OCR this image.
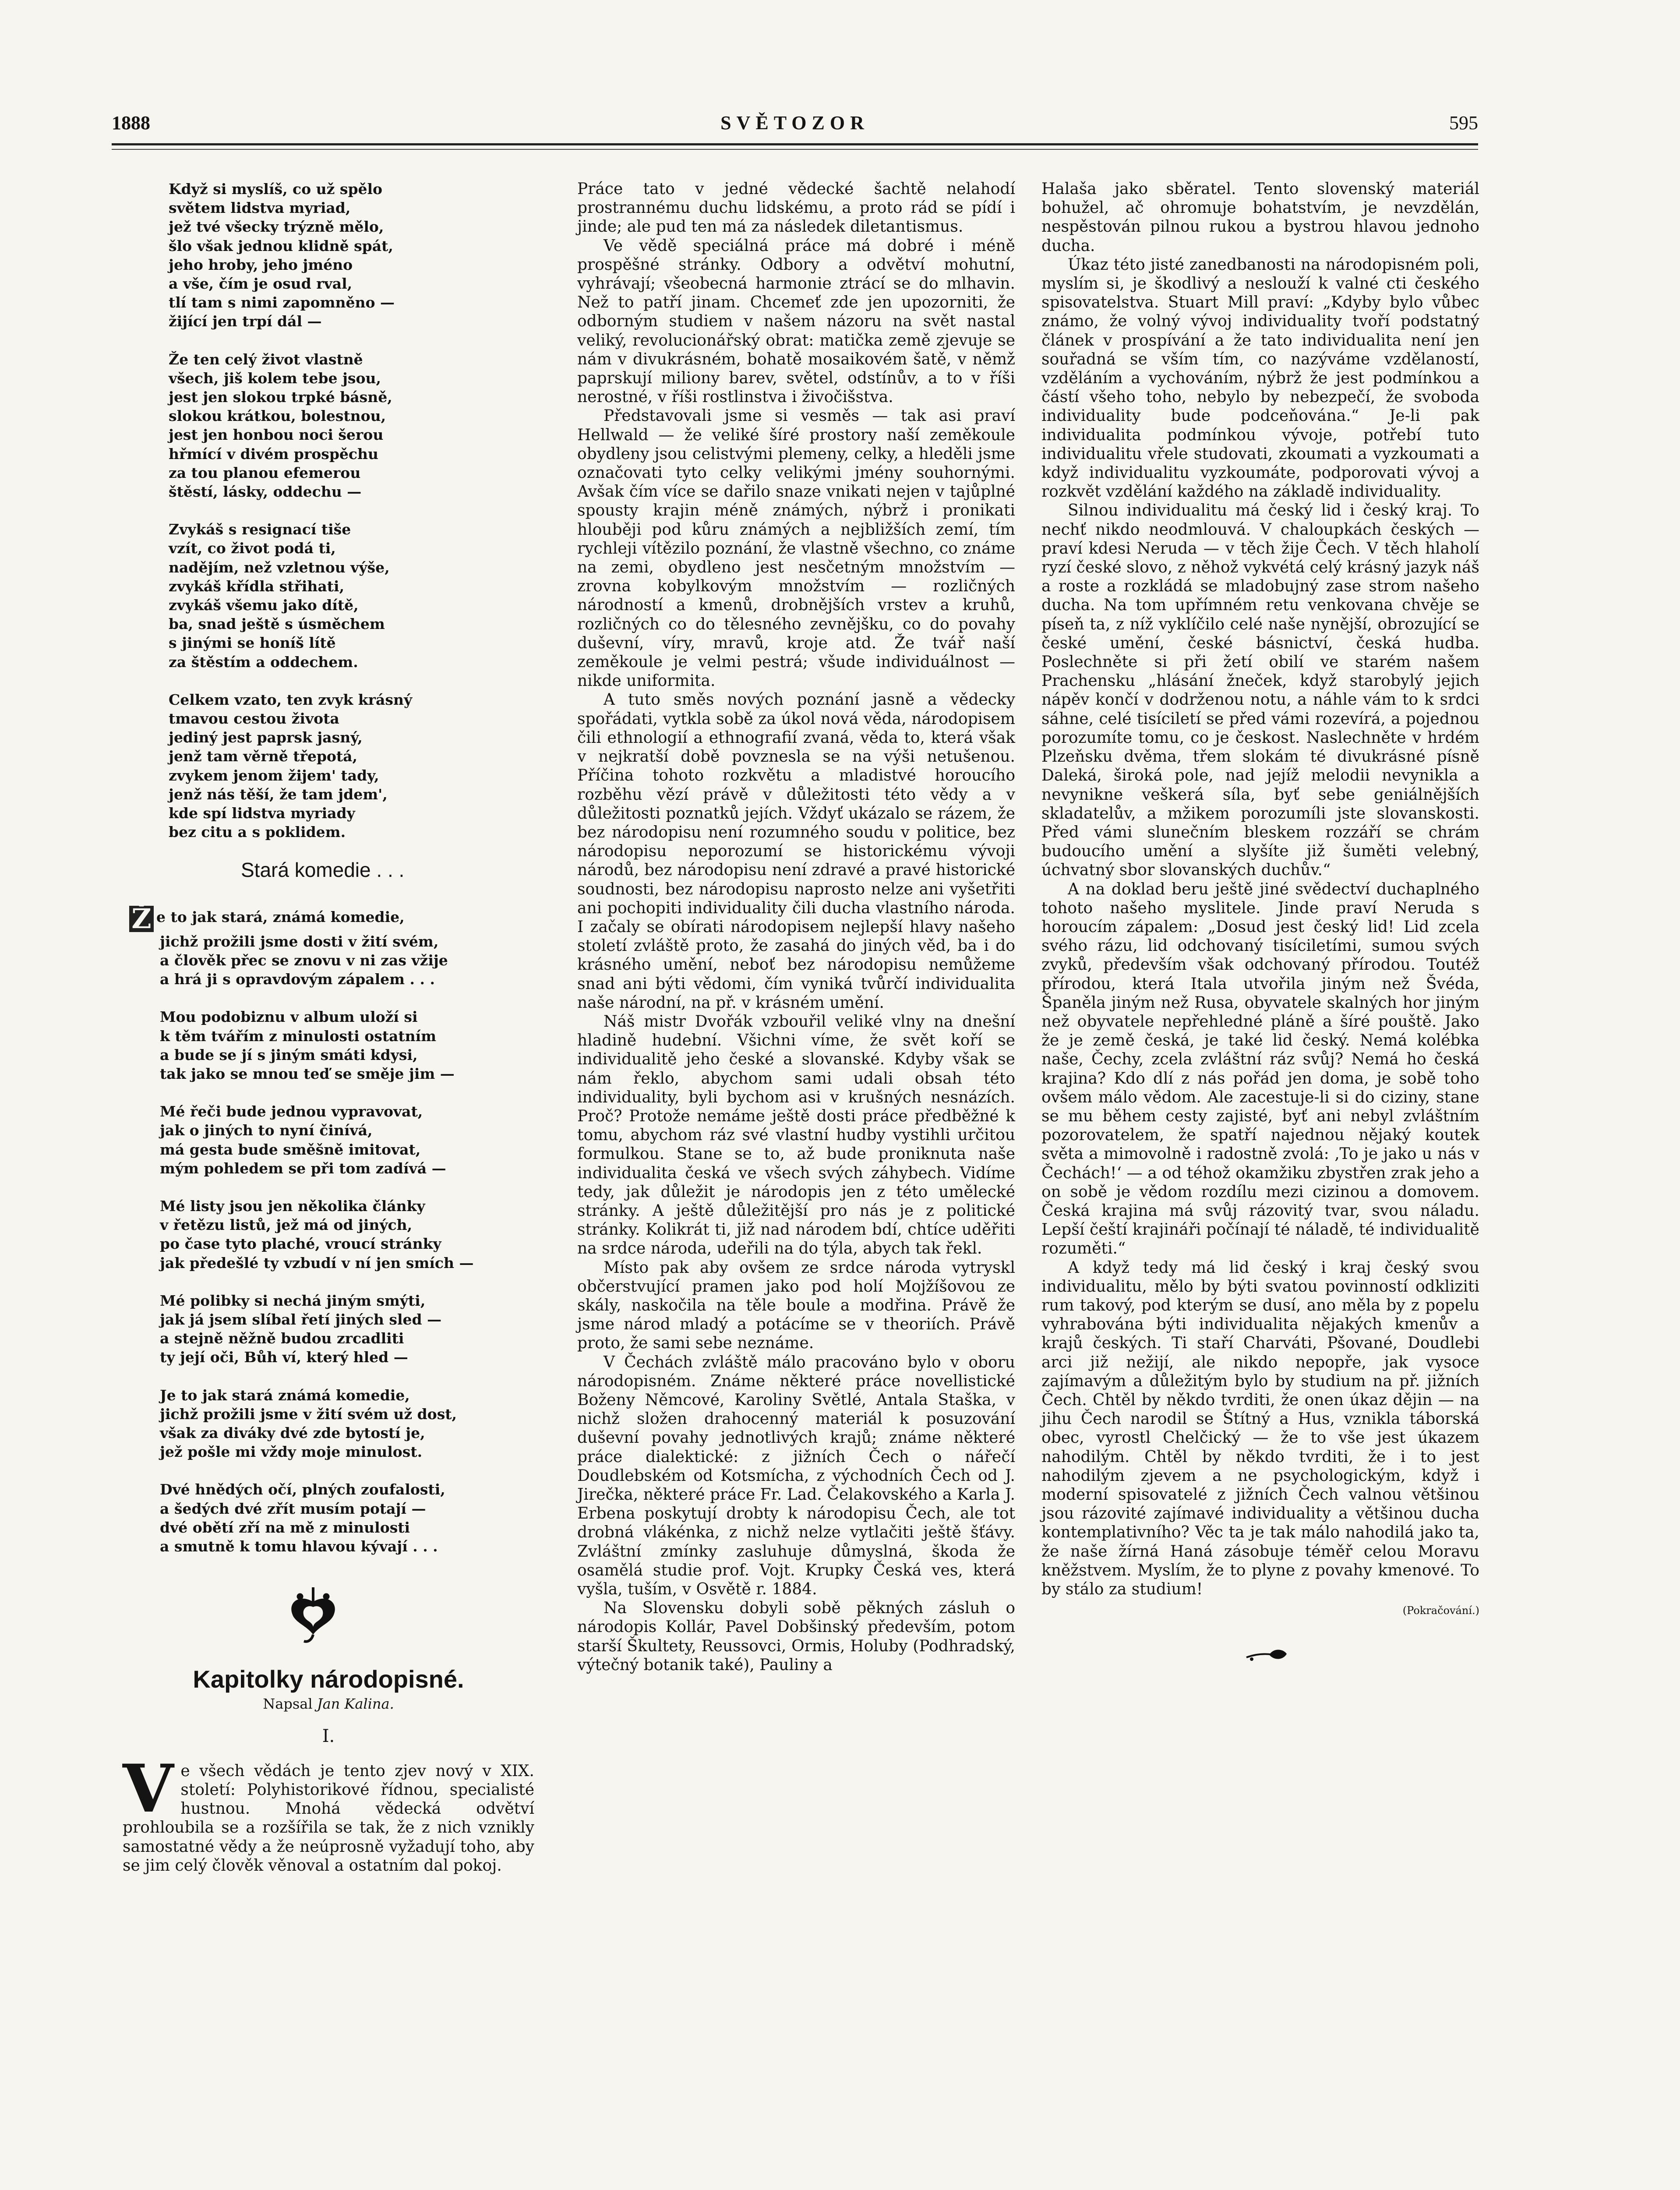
1888	SVĚTOZOR	595
Když si myslíš, co už spělo
světem lidstva myriad,
jež tvé všecky trýzně mělo,
šlo však jednou klidně spát,
jeho hroby, jeho jméno
a vše, čím je osud rval,
tlí tam s nimi zapomněno —
žijící jen trpí dál —
Že ten celý život vlastně
všech, jiš kolem tebe jsou,
jest jen slokou trpké básně,
slokou krátkou, bolestnou,
jest jen honbou noci šerou
hřmící v divém prospěchu
za tou planou efemerou
štěstí, lásky, oddechu —
Zvykáš s resignací tiše
vzít, co život podá ti,
nadějím, než vzletnou výše,
zvykáš křídla střihati,
zvykáš všemu jako dítě,
ba, snad ještě s úsměchem
s jinými se honíš lítě
za štěstím a oddechem.
Celkem vzato, ten zvyk krásný
tmavou cestou života
jediný jest paprsk jasný,
jenž tam věrně třepotá,
zvykem jenom žijem' tady,
jenž nás těší, že tam jdem',
kde spí lidstva myriady
bez citu a s poklidem.
Stará komedie . . .
Ž e to jak stará, známá komedie,
jichž prožili jsme dosti v žití svém,
a člověk přec se znovu v ni zas vžije
a hrá ji s opravdovým zápalem . . .
Mou podobiznu v album uloží si
k těm tvářím z minulosti ostatním
a bude se jí s jiným smáti kdysi,
tak jako se mnou teď se směje jim —
Mé řeči bude jednou vypravovat,
jak o jiných to nyní činívá,
má gesta bude směšně imitovat,
mým pohledem se při tom zadívá —
Mé listy jsou jen několika články
v řetězu listů, jež má od jiných,
po čase tyto plaché, vroucí stránky
jak předešlé ty vzbudí v ní jen smích —
Mé polibky si nechá jiným smýti,
jak já jsem slíbal řetí jiných sled —
a stejně něžně budou zrcadliti
ty její oči, Bůh ví, který hled —
Je to jak stará známá komedie,
jichž prožili jsme v žití svém už dost,
však za diváky dvé zde bytostí je,
jež pošle mi vždy moje minulost.
Dvé hnědých očí, plných zoufalosti,
a šedých dvé zřít musím potají —
dvé obětí zří na mě z minulosti
a smutně k tomu hlavou kývají . . .
Kapitolky národopisné.
Napsal Jan Kalina.
I.
V e všech vědách je tento zjev nový v XIX. století: Polyhistorikové řídnou, specialisté hustnou. Mnohá vědecká odvětví prohloubila se a rozšířila se tak, že z nich vznikly samostatné vědy a že neúprosně vyžadují toho, aby se jim celý člověk věnoval a ostatním dal pokoj.

Práce tato v jedné vědecké šachtě nelahodí prostrannému duchu lidskému, a proto rád se pídí i jinde; ale pud ten má za následek diletantismus.

Ve vědě speciálná práce má dobré i méně prospěšné stránky. Odbory a odvětví mohutní, vyhrávají; všeobecná harmonie ztrácí se do mlhavin. Než to patří jinam. Chcemeť zde jen upozorniti, že odborným studiem v našem názoru na svět nastal veliký, revolucionářský obrat: matička země zjevuje se nám v divukrásném, bohatě mosaikovém šatě, v němž paprskují miliony barev, světel, odstínův, a to v říši nerostné, v říši rostlinstva i živočišstva.

Představovali jsme si vesměs — tak asi praví Hellwald — že veliké šíré prostory naší zeměkoule obydleny jsou celistvými plemeny, celky, a hleděli jsme označovati tyto celky velikými jmény souhornými. Avšak čím více se dařilo snaze vnikati nejen v tajůplné spousty krajin méně známých, nýbrž i pronikati hlouběji pod kůru známých a nejbližších zemí, tím rychleji vítězilo poznání, že vlastně všechno, co známe na zemi, obydleno jest nesčetným množstvím — zrovna kobylkovým množstvím — rozličných národností a kmenů, drobnějších vrstev a kruhů, rozličných co do tělesného zevnějšku, co do povahy duševní, víry, mravů, kroje atd. Že tvář naší zeměkoule je velmi pestrá; všude individuálnost — nikde uniformita.

A tuto směs nových poznání jasně a vědecky spořádati, vytkla sobě za úkol nová věda, národopisem čili ethnologií a ethnografií zvaná, věda to, která však v nejkratší době povznesla se na výši netušenou. Příčina tohoto rozkvětu a mladistvé horoucího rozběhu vězí právě v důležitosti této vědy a v důležitosti poznatků jejích. Vždyť ukázalo se rázem, že bez národopisu není rozumného soudu v politice, bez národopisu neporozumí se historickému vývoji národů, bez národopisu není zdravé a pravé historické soudnosti, bez národopisu naprosto nelze ani vyšetřiti ani pochopiti individuality čili ducha vlastního národa. I začaly se obírati národopisem nejlepší hlavy našeho století zvláště proto, že zasahá do jiných věd, ba i do krásného umění, neboť bez národopisu nemůžeme snad ani býti vědomi, čím vyniká tvůrčí individualita naše národní, na př. v krásném umění.

Náš mistr Dvořák vzbouřil veliké vlny na dnešní hladině hudební. Všichni víme, že svět koří se individualitě jeho české a slovanské. Kdyby však se nám řeklo, abychom sami udali obsah této individuality, byli bychom asi v krušných nesnázích. Proč? Protože nemáme ještě dosti práce předběžné k tomu, abychom ráz své vlastní hudby vystihli určitou formulkou. Stane se to, až bude proniknuta naše individualita česká ve všech svých záhybech. Vidíme tedy, jak důležit je národopis jen z této umělecké stránky. A ještě důležitější pro nás je z politické stránky. Kolikrát ti, již nad národem bdí, chtíce uděřiti na srdce národa, udeřili na do týla, abych tak řekl.

Místo pak aby ovšem ze srdce národa vytryskl občerstvující pramen jako pod holí Mojžíšovou ze skály, naskočila na těle boule a modřina. Právě že jsme národ mladý a potácíme se v theoriích. Právě proto, že sami sebe neznáme.

V Čechách zvláště málo pracováno bylo v oboru národopisném. Známe některé práce novellistické Boženy Němcové, Karoliny Světlé, Antala Staška, v nichž složen drahocenný materiál k posuzování duševní povahy jednotlivých krajů; známe některé práce dialektické: z jižních Čech o nářečí Doudlebském od Kotsmícha, z východních Čech od J. Jirečka, některé práce Fr. Lad. Čelakovského a Karla J. Erbena poskytují drobty k národopisu Čech, ale tot drobná vlákénka, z nichž nelze vytlačiti ještě šťávy. Zvláštní zmínky zasluhuje důmyslná, škoda že osamělá studie prof. Vojt. Krupky Česká ves, která vyšla, tuším, v Osvětě r. 1884.

Na Slovensku dobyli sobě pěkných zásluh o národopis Kollár, Pavel Dobšinský především, potom starší Škultety, Reussovci, Ormis, Holuby (Podhradský, výtečný botanik také), Pauliny a

Halaša jako sběratel. Tento slovenský materiál bohužel, ač ohromuje bohatstvím, je nevzdělán, nespěstován pilnou rukou a bystrou hlavou jednoho ducha.

Úkaz této jisté zanedbanosti na národopisném poli, myslím si, je škodlivý a neslouží k valné cti českého spisovatelstva. Stuart Mill praví: „Kdyby bylo vůbec známo, že volný vývoj individuality tvoří podstatný článek v prospívání a že tato individualita není jen souřadná se vším tím, co nazýváme vzdělaností, vzděláním a vychováním, nýbrž že jest podmínkou a částí všeho toho, nebylo by nebezpečí, že svoboda individuality bude podceňována.“ Je-li pak individualita podmínkou vývoje, potřebí tuto individualitu vřele studovati, zkoumati a vyzkoumati a když individualitu vyzkoumáte, podporovati vývoj a rozkvět vzdělání každého na základě individuality.

Silnou individualitu má český lid i český kraj. To nechť nikdo neodmlouvá. V chaloupkách českých — praví kdesi Neruda — v těch žije Čech. V těch hlaholí ryzí české slovo, z něhož vykvétá celý krásný jazyk náš a roste a rozkládá se mladobujný zase strom našeho ducha. Na tom upřímném retu venkovana chvěje se píseň ta, z níž vyklíčilo celé naše nynější, obrozující se české umění, české básnictví, česká hudba. Poslechněte si při žetí obilí ve starém našem Prachensku „hlásání žneček, když starobylý jejich nápěv končí v dodrženou notu, a náhle vám to k srdci sáhne, celé tisíciletí se před vámi rozevírá, a pojednou porozumíte tomu, co je českost. Naslechněte v hrdém Plzeňsku dvěma, třem slokám té divukrásné písně Daleká, široká pole, nad jejíž melodii nevynikla a nevynikne veškerá síla, byť sebe geniálnějších skladatelův, a mžikem porozumíli jste slovanskosti. Před vámi slunečním bleskem rozzáří se chrám budoucího umění a slyšíte již šuměti velebný, úchvatný sbor slovanských duchův.“

A na doklad beru ještě jiné svědectví duchaplného tohoto našeho myslitele. Jinde praví Neruda s horoucím zápalem: „Dosud jest český lid! Lid zcela svého rázu, lid odchovaný tisíciletími, sumou svých zvyků, především však odchovaný přírodou. Toutéž přírodou, která Itala utvořila jiným než Švéda, Španěla jiným než Rusa, obyvatele skalných hor jiným než obyvatele nepřehledné pláně a šíré pouště. Jako že je země česká, je také lid český. Nemá kolébka naše, Čechy, zcela zvláštní ráz svůj? Nemá ho česká krajina? Kdo dlí z nás pořád jen doma, je sobě toho ovšem málo vědom. Ale zacestuje-li si do ciziny, stane se mu během cesty zajisté, byť ani nebyl zvláštním pozorovatelem, že spatří najednou nějaký koutek světa a mimovolně i radostně zvolá: ‚To je jako u nás v Čechách!‘ — a od téhož okamžiku zbystřen zrak jeho a on sobě je vědom rozdílu mezi cizinou a domovem. Česká krajina má svůj rázovitý tvar, svou náladu. Lepší čeští krajináři počínají té náladě, té individualitě rozuměti.“

A když tedy má lid český i kraj český svou individualitu, mělo by býti svatou povinností odkliziti rum takový, pod kterým se dusí, ano měla by z popelu vyhrabována býti individualita nějakých kmenův a krajů českých. Ti staří Charváti, Pšované, Doudlebi arci již nežijí, ale nikdo nepopře, jak vysoce zajímavým a důležitým bylo by studium na př. jižních Čech. Chtěl by někdo tvrditi, že onen úkaz dějin — na jihu Čech narodil se Štítný a Hus, vznikla táborská obec, vyrostl Chelčický — že to vše jest úkazem nahodilým. Chtěl by někdo tvrditi, že i to jest nahodilým zjevem a ne psychologickým, když i moderní spisovatelé z jižních Čech valnou většinou jsou rázovité zajímavé individuality a většinou ducha kontemplativního? Věc ta je tak málo nahodilá jako ta, že naše žírná Haná zásobuje téměř celou Moravu kněžstvem. Myslím, že to plyne z povahy kmenové. To by stálo za studium!

(Pokračování.)
